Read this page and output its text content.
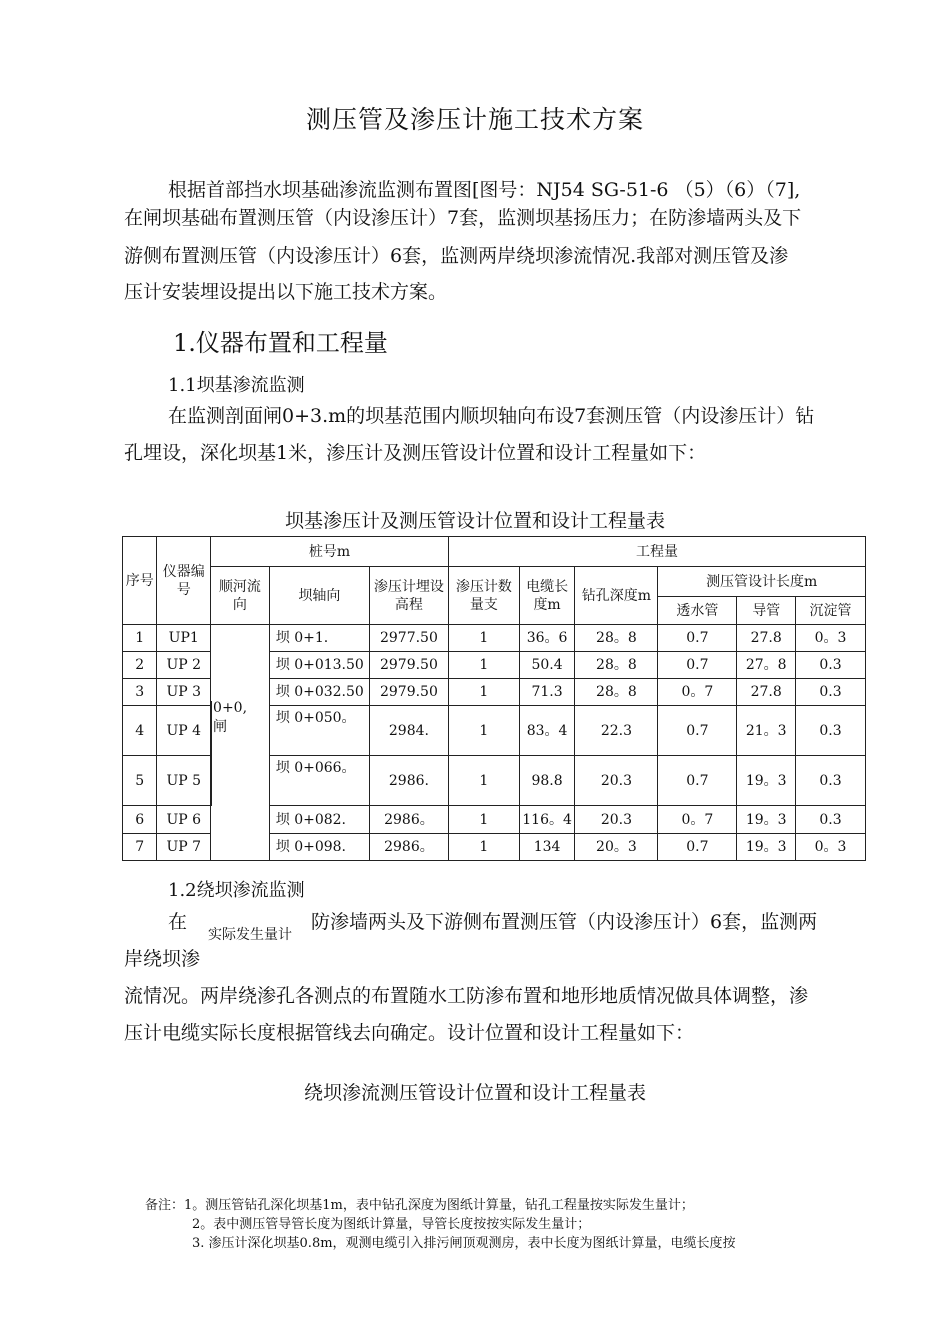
测压管及渗压计施工技术方案
根据首部挡水坝基础渗流监测布置图[图号：NJ54 SG-51-6 （5）（6）（7],
在闸坝基础布置测压管（内设渗压计）7套，监测坝基扬压力；在防渗墙两头及下
游侧布置测压管（内设渗压计）6套，监测两岸绕坝渗流情况.我部对测压管及渗
压计安装埋设提出以下施工技术方案。
1.仪器布置和工程量
1.1坝基渗流监测
在监测剖面闸0+3.m的坝基范围内顺坝轴向布设7套测压管（内设渗压计）钻
孔埋设，深化坝基1米，渗压计及测压管设计位置和设计工程量如下：
坝基渗压计及测压管设计位置和设计工程量表
序号	仪器编号	桩号m			工程量					
		顺河流向	坝轴向	渗压计埋设高程	渗压计数量支	电缆长度m	钻孔深度m	测压管设计长度m		
								透水管	导管	沉淀管
1	UP1	0+0,闸	坝 0+1.	2977.50	1	36。6	28。8	0.7	27.8	0。3
2	UP 2		坝 0+013.50	2979.50	1	50.4	28。8	0.7	27。8	0.3
3	UP 3		坝 0+032.50	2979.50	1	71.3	28。8	0。7	27.8	0.3
4	UP 4		坝 0+050。	2984.	1	83。4	22.3	0.7	21。3	0.3
5	UP 5		坝 0+066。	2986.	1	98.8	20.3	0.7	19。3	0.3
6	UP 6		坝 0+082.	2986。	1	116。4	20.3	0。7	19。3	0.3
7	UP 7		坝 0+098.	2986。	1	134	20。3	0.7	19。3	0。3
1.2绕坝渗流监测
在
实际发生量计
防渗墙两头及下游侧布置测压管（内设渗压计）6套，监测两
岸绕坝渗
流情况。两岸绕渗孔各测点的布置随水工防渗布置和地形地质情况做具体调整，渗
压计电缆实际长度根据管线去向确定。设计位置和设计工程量如下：
绕坝渗流测压管设计位置和设计工程量表
备注：1。测压管钻孔深化坝基1m，表中钻孔深度为图纸计算量，钻孔工程量按实际发生量计；
2。表中测压管导管长度为图纸计算量，导管长度按按实际发生量计；
3. 渗压计深化坝基0.8m，观测电缆引入排污闸顶观测房，表中长度为图纸计算量，电缆长度按
